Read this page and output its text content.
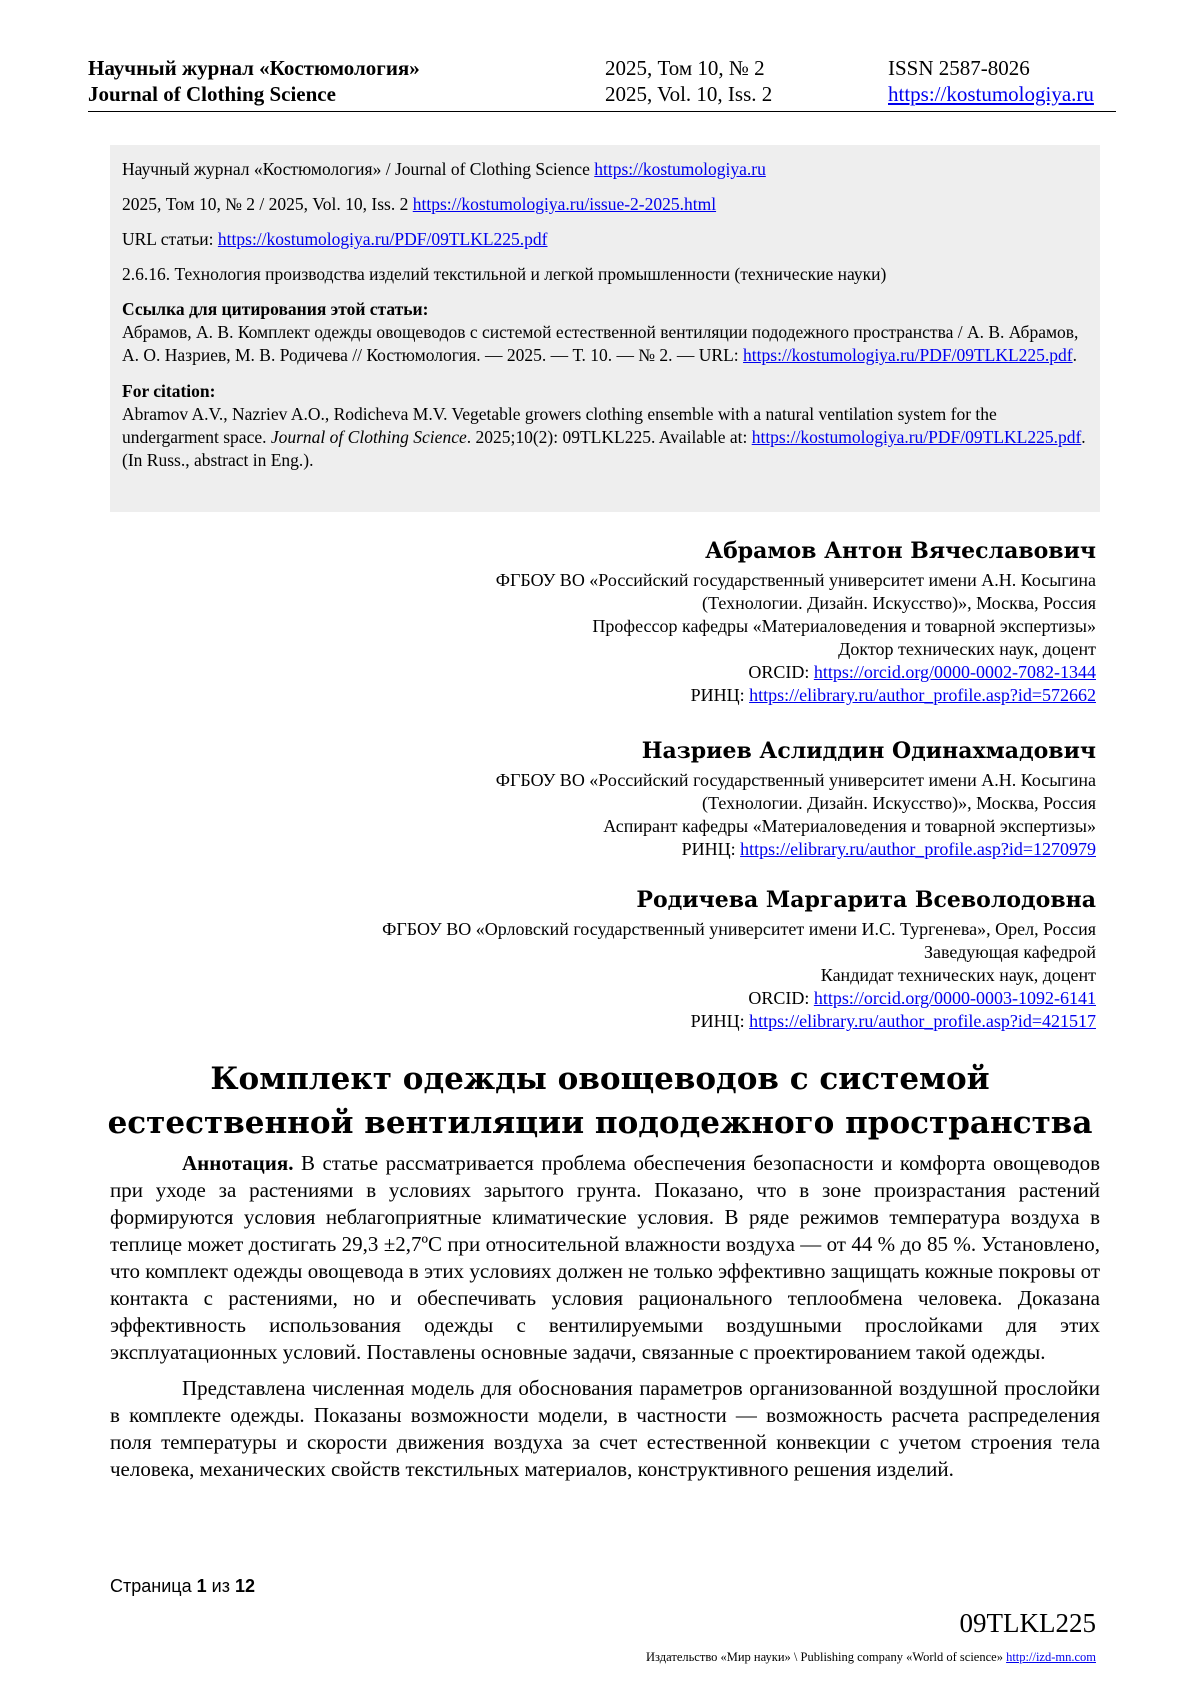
Научный журнал «Костюмология»
Journal of Clothing Science
2025, Том 10, № 2
2025, Vol. 10, Iss. 2
ISSN 2587-8026
https://kostumologiya.ru

Научный журнал «Костюмология» / Journal of Clothing Science https://kostumologiya.ru

2025, Том 10, № 2 / 2025, Vol. 10, Iss. 2 https://kostumologiya.ru/issue-2-2025.html

URL статьи: https://kostumologiya.ru/PDF/09TLKL225.pdf

2.6.16. Технология производства изделий текстильной и легкой промышленности (технические науки)

Ссылка для цитирования этой статьи:
Абрамов, А. В. Комплект одежды овощеводов с системой естественной вентиляции пододежного пространства / А. В. Абрамов, А. О. Назриев, М. В. Родичева // Костюмология. — 2025. — Т. 10. — № 2. — URL: https://kostumologiya.ru/PDF/09TLKL225.pdf.
For citation:
Abramov A.V., Nazriev A.O., Rodicheva M.V. Vegetable growers clothing ensemble with a natural ventilation system for the undergarment space. Journal of Clothing Science. 2025;10(2): 09TLKL225. Available at: https://kostumologiya.ru/PDF/09TLKL225.pdf. (In Russ., abstract in Eng.).
Абрамов Антон Вячеславович
ФГБОУ ВО «Российский государственный университет имени А.Н. Косыгина
(Технологии. Дизайн. Искусство)», Москва, Россия
Профессор кафедры «Материаловедения и товарной экспертизы»
Доктор технических наук, доцент
ORCID: https://orcid.org/0000-0002-7082-1344
РИНЦ: https://elibrary.ru/author_profile.asp?id=572662
Назриев Аслиддин Одинахмадович
ФГБОУ ВО «Российский государственный университет имени А.Н. Косыгина
(Технологии. Дизайн. Искусство)», Москва, Россия
Аспирант кафедры «Материаловедения и товарной экспертизы»
РИНЦ: https://elibrary.ru/author_profile.asp?id=1270979
Родичева Маргарита Всеволодовна
ФГБОУ ВО «Орловский государственный университет имени И.С. Тургенева», Орел, Россия
Заведующая кафедрой
Кандидат технических наук, доцент
ORCID: https://orcid.org/0000-0003-1092-6141
РИНЦ: https://elibrary.ru/author_profile.asp?id=421517
Комплект одежды овощеводов с системой
естественной вентиляции пододежного пространства

Аннотация. В статье рассматривается проблема обеспечения безопасности и комфорта овощеводов при уходе за растениями в условиях зарытого грунта. Показано, что в зоне произрастания растений формируются условия неблагоприятные климатические условия. В ряде режимов температура воздуха в теплице может достигать 29,3 ±2,7ºC при относительной влажности воздуха — от 44 % до 85 %. Установлено, что комплект одежды овощевода в этих условиях должен не только эффективно защищать кожные покровы от контакта с растениями, но и обеспечивать условия рационального теплообмена человека. Доказана эффективность использования одежды с вентилируемыми воздушными прослойками для этих эксплуатационных условий. Поставлены основные задачи, связанные с проектированием такой одежды.

Представлена численная модель для обоснования параметров организованной воздушной прослойки в комплекте одежды. Показаны возможности модели, в частности — возможность расчета распределения поля температуры и скорости движения воздуха за счет естественной конвекции с учетом строения тела человека, механических свойств текстильных материалов, конструктивного решения изделий.

Страница 1 из 12
09TLKL225
Издательство «Мир науки» \ Publishing company «World of science» http://izd-mn.com
